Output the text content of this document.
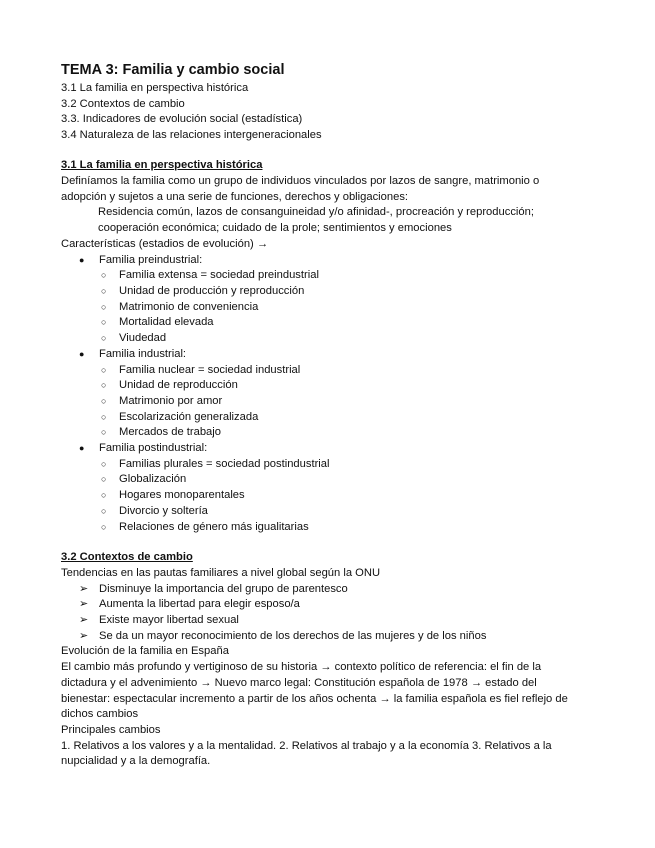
TEMA 3: Familia y cambio social
3.1 La familia en perspectiva histórica
3.2 Contextos de cambio
3.3. Indicadores de evolución social (estadística)
3.4 Naturaleza de las relaciones intergeneracionales
3.1 La familia en perspectiva histórica
Definíamos la familia como un grupo de individuos vinculados por lazos de sangre, matrimonio o
adopción y sujetos a una serie de funciones, derechos y obligaciones:
Residencia común, lazos de consanguineidad y/o afinidad-, procreación y reproducción;
cooperación económica; cuidado de la prole; sentimientos y emociones
Características (estadios de evolución) →
● Familia preindustrial:
○ Familia extensa = sociedad preindustrial
○ Unidad de producción y reproducción
○ Matrimonio de conveniencia
○ Mortalidad elevada
○ Viudedad
● Familia industrial:
○ Familia nuclear = sociedad industrial
○ Unidad de reproducción
○ Matrimonio por amor
○ Escolarización generalizada
○ Mercados de trabajo
● Familia postindustrial:
○ Familias plurales = sociedad postindustrial
○ Globalización
○ Hogares monoparentales
○ Divorcio y soltería
○ Relaciones de género más igualitarias
3.2 Contextos de cambio
Tendencias en las pautas familiares a nivel global según la ONU
➢ Disminuye la importancia del grupo de parentesco
➢ Aumenta la libertad para elegir esposo/a
➢ Existe mayor libertad sexual
➢ Se da un mayor reconocimiento de los derechos de las mujeres y de los niños
Evolución de la familia en España
El cambio más profundo y vertiginoso de su historia → contexto político de referencia: el fin de la
dictadura y el advenimiento → Nuevo marco legal: Constitución española de 1978 → estado del
bienestar: espectacular incremento a partir de los años ochenta → la familia española es fiel reflejo de
dichos cambios
Principales cambios
1. Relativos a los valores y a la mentalidad. 2. Relativos al trabajo y a la economía 3. Relativos a la
nupcialidad y a la demografía.
